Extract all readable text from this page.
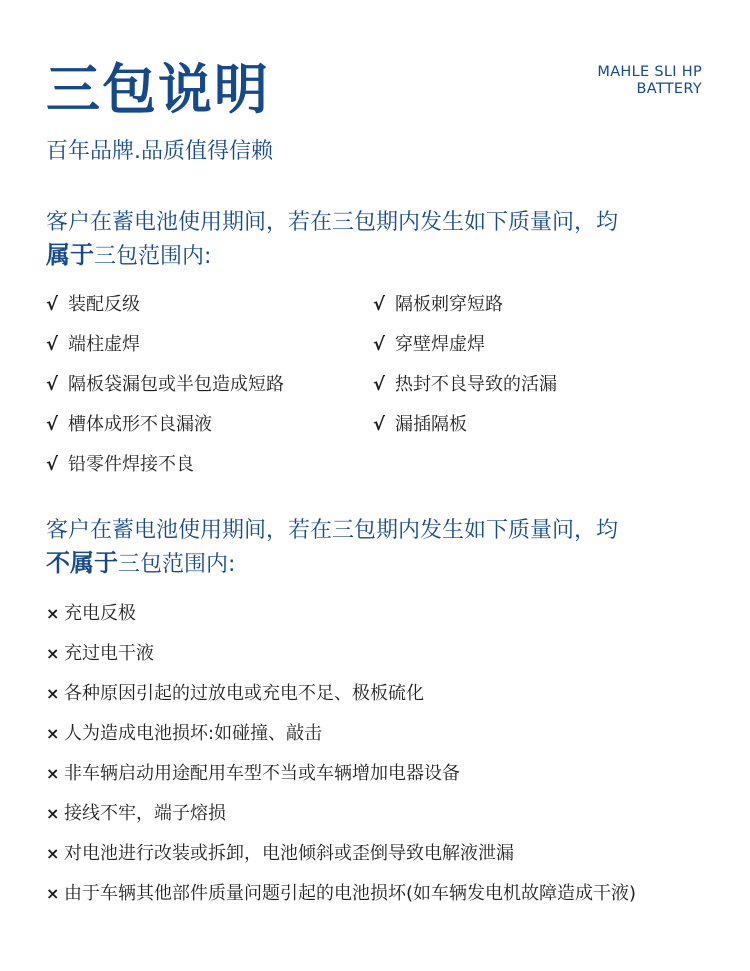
三包说明	MAHLE SLI HP
BATTERY
百年品牌.品质值得信赖
客户在蓄电池使用期间，若在三包期内发生如下质量问，均
属于三包范围内:
√ 装配反级	√ 隔板刺穿短路
√ 端柱虚焊	√ 穿壁焊虚焊
√ 隔板袋漏包或半包造成短路	√ 热封不良导致的活漏
√ 槽体成形不良漏液	√ 漏插隔板
√ 铅零件焊接不良
客户在蓄电池使用期间，若在三包期内发生如下质量问，均
不属于三包范围内:
× 充电反极
× 充过电干液
× 各种原因引起的过放电或充电不足、极板硫化
× 人为造成电池损坏:如碰撞、敲击
× 非车辆启动用途配用车型不当或车辆增加电器设备
× 接线不牢，端子熔损
× 对电池进行改装或拆卸，电池倾斜或歪倒导致电解液泄漏
× 由于车辆其他部件质量问题引起的电池损坏(如车辆发电机故障造成干液)
